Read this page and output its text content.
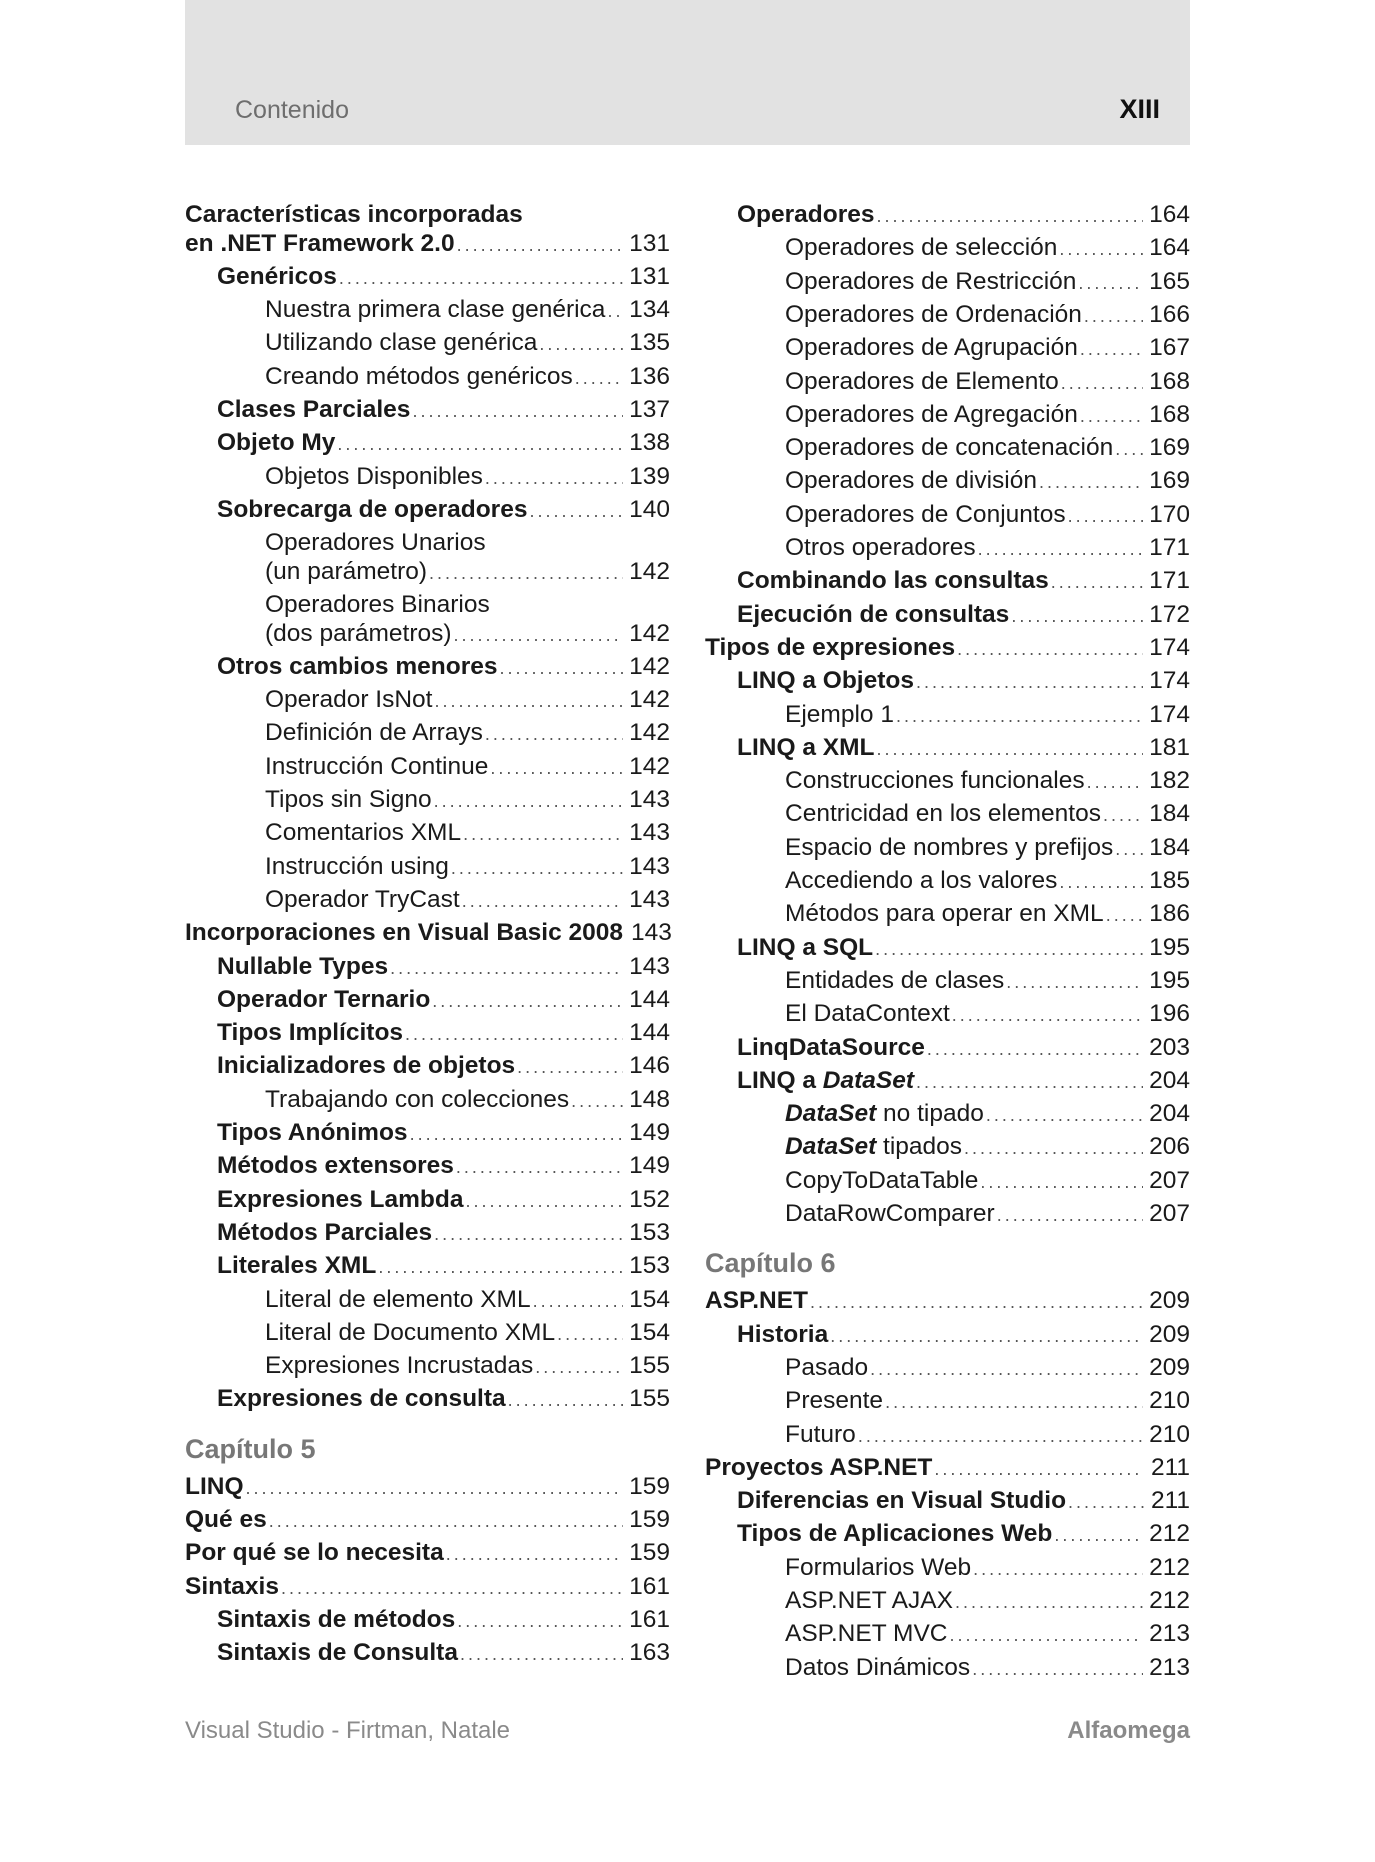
Contenido	XIII
Características incorporadas
en .NET Framework 2.0 .....	131
Genéricos .....	131
Nuestra primera clase genérica ..... 134
Utilizando clase genérica .....	135
Creando métodos genéricos ..... 136
Clases Parciales .....	137
Objeto My .....	138
Objetos Disponibles .....	139
Sobrecarga de operadores .....	140
Operadores Unarios
(un parámetro) .....	142
Operadores Binarios
(dos parámetros) .....	142
Otros cambios menores .....	142
Operador IsNot .....	142
Definición de Arrays .....	142
Instrucción Continue .....	142
Tipos sin Signo .....	143
Comentarios XML .....	143
Instrucción using .....	143
Operador TryCast .....	143
Incorporaciones en Visual Basic 2008 143
Nullable Types .....	143
Operador Ternario .....	144
Tipos Implícitos .....	144
Inicializadores de objetos .....	146
Trabajando con colecciones ..... 148
Tipos Anónimos .....	149
Métodos extensores .....	149
Expresiones Lambda .....	152
Métodos Parciales .....	153
Literales XML .....	153
Literal de elemento XML .....	154
Literal de Documento XML .....	154
Expresiones Incrustadas .....	155
Expresiones de consulta .....	155
Capítulo 5
LINQ .....	159
Qué es .....	159
Por qué se lo necesita .....	159
Sintaxis .....	161
Sintaxis de métodos .....	161
Sintaxis de Consulta .....	163
Operadores .....	164
Operadores de selección .....	164
Operadores de Restricción .....	165
Operadores de Ordenación .....	166
Operadores de Agrupación .....	167
Operadores de Elemento .....	168
Operadores de Agregación .....	168
Operadores de concatenación ..... 169
Operadores de división .....	169
Operadores de Conjuntos .....	170
Otros operadores .....	171
Combinando las consultas .....	171
Ejecución de consultas .....	172
Tipos de expresiones .....	174
LINQ a Objetos .....	174
Ejemplo 1 .....	174
LINQ a XML .....	181
Construcciones funcionales .....	182
Centricidad en los elementos ..... 184
Espacio de nombres y prefijos ..... 184
Accediendo a los valores .....	185
Métodos para operar en XML ..... 186
LINQ a SQL .....	195
Entidades de clases .....	195
El DataContext .....	196
LinqDataSource .....	203
LINQ a DataSet .....	204
DataSet no tipado .....	204
DataSet tipados .....	206
CopyToDataTable .....	207
DataRowComparer .....	207
Capítulo 6
ASP.NET .....	209
Historia .....	209
Pasado .....	209
Presente .....	210
Futuro .....	210
Proyectos ASP.NET .....	211
Diferencias en Visual Studio .....	211
Tipos de Aplicaciones Web .....	212
Formularios Web .....	212
ASP.NET AJAX .....	212
ASP.NET MVC .....	213
Datos Dinámicos .....	213
Visual Studio - Firtman, Natale	Alfaomega
